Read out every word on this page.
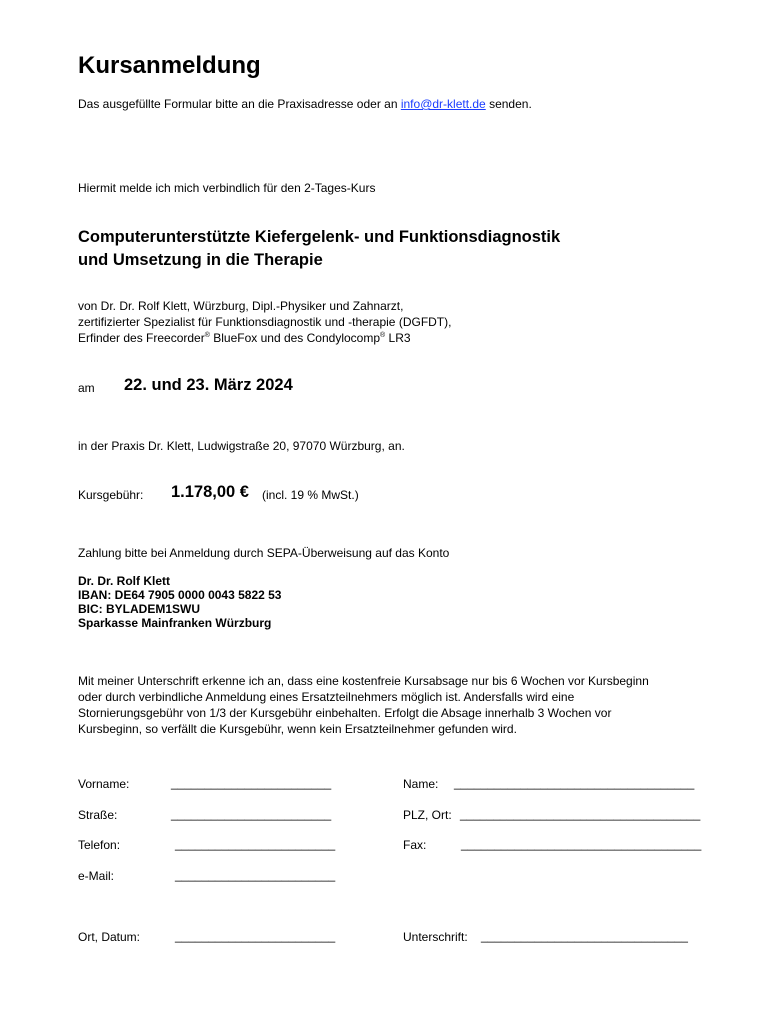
Kursanmeldung
Das ausgefüllte Formular bitte an die Praxisadresse oder an info@dr-klett.de senden.
Hiermit melde ich mich verbindlich für den 2-Tages-Kurs
Computerunterstützte Kiefergelenk- und Funktionsdiagnostik
und Umsetzung in die Therapie
von Dr. Dr. Rolf Klett, Würzburg, Dipl.-Physiker und Zahnarzt,
zertifizierter Spezialist für Funktionsdiagnostik und -therapie (DGFDT),
Erfinder des Freecorder® BlueFox und des Condylocomp® LR3
am 22. und 23. März 2024
in der Praxis Dr. Klett, Ludwigstraße 20, 97070 Würzburg, an.
Kursgebühr: 1.178,00 € (incl. 19 % MwSt.)
Zahlung bitte bei Anmeldung durch SEPA-Überweisung auf das Konto
Dr. Dr. Rolf Klett
IBAN: DE64 7905 0000 0043 5822 53
BIC: BYLADEM1SWU
Sparkasse Mainfranken Würzburg
Mit meiner Unterschrift erkenne ich an, dass eine kostenfreie Kursabsage nur bis 6 Wochen vor Kursbeginn
oder durch verbindliche Anmeldung eines Ersatzteilnehmers möglich ist. Andersfalls wird eine
Stornierungsgebühr von 1/3 der Kursgebühr einbehalten. Erfolgt die Absage innerhalb 3 Wochen vor
Kursbeginn, so verfällt die Kursgebühr, wenn kein Ersatzteilnehmer gefunden wird.
Vorname:	________________________	Name: ____________________________________
Straße:	________________________	PLZ, Ort: ____________________________________
Telefon:	________________________	Fax:	____________________________________
e-Mail:	________________________
Ort, Datum:	________________________	Unterschrift: _______________________________
